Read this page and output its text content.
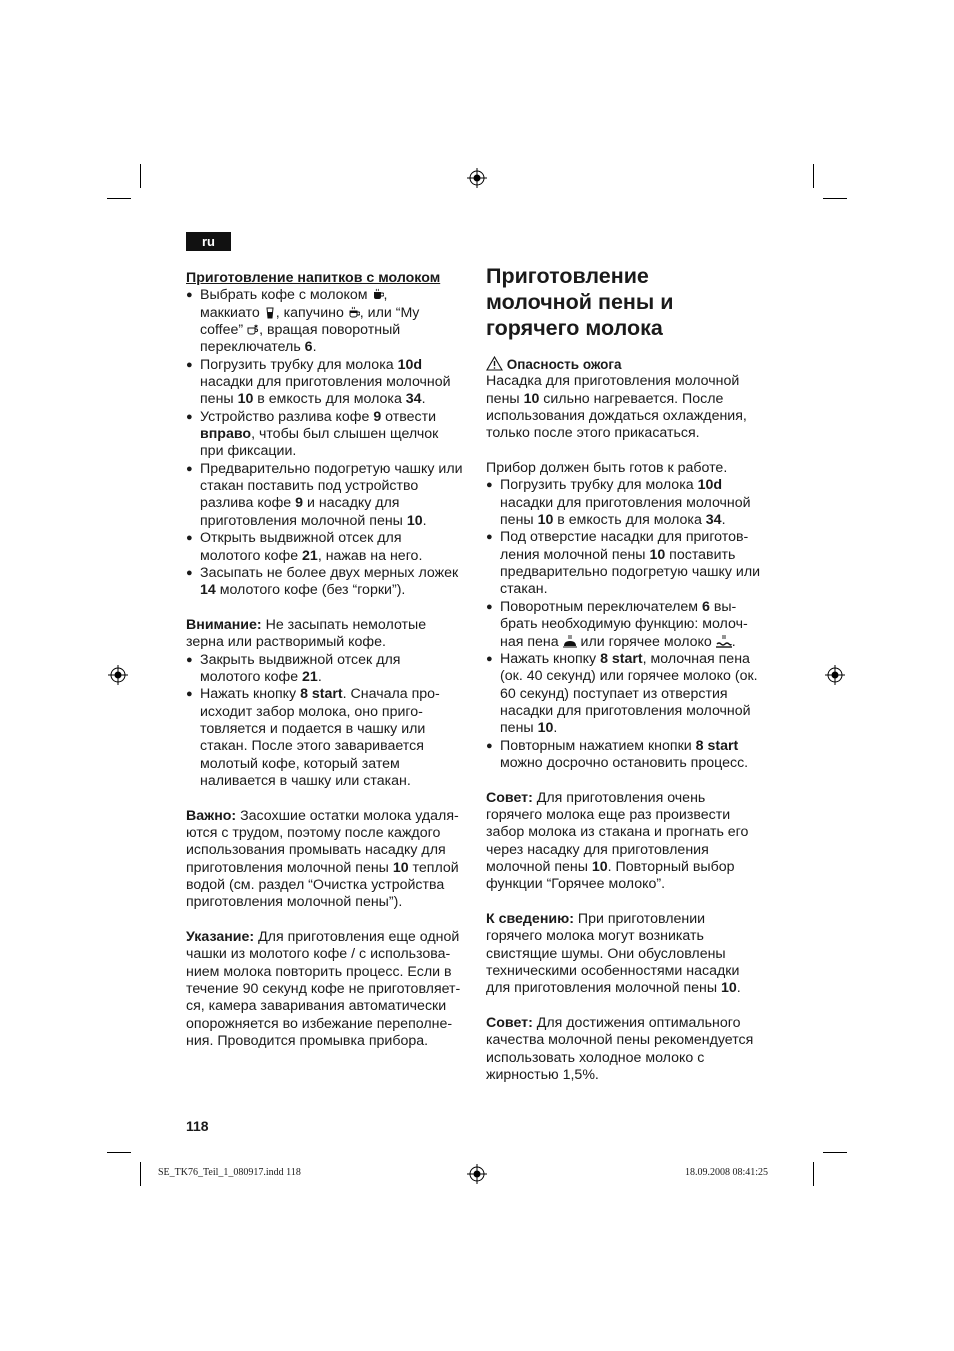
ru
Приготовление напитков с молоком
● Выбрать кофе с молоком ,
маккиато , капучино , или “My
coffee” , вращая поворотный
переключатель 6.
● Погрузить трубку для молока 10d
насадки для приготовления молочной
пены 10 в емкость для молока 34.
● Устройство разлива кофе 9 отвести
вправо, чтобы был слышен щелчок
при фиксации.
● Предварительно подогретую чашку или
стакан поставить под устройство
разлива кофе 9 и насадку для
приготовления молочной пены 10.
● Открыть выдвижной отсек для
молотого кофе 21, нажав на него.
● Засыпать не более двух мерных ложек
14 молотого кофе (без “горки”).

Внимание: Не засыпать немолотые
зерна или растворимый кофе.

● Закрыть выдвижной отсек для
молотого кофе 21.
● Нажать кнопку 8 start. Сначала про-
исходит забор молока, оно приго-
товляется и подается в чашку или
стакан. После этого заваривается
молотый кофе, который затем
наливается в чашку или стакан.

Важно: Засохшие остатки молока удаля-
ются с трудом, поэтому после каждого
использования промывать насадку для
приготовления молочной пены 10 теплой
водой (см. раздел “Очистка устройства
приготовления молочной пены”).

Указание: Для приготовления еще одной
чашки из молотого кофе / с использова-
нием молока повторить процесс. Если в
течение 90 секунд кофе не приготовляет-
ся, камера заваривания автоматически
опорожняется во избежание переполне-
ния. Проводится промывка прибора.

Приготовление
молочной пены и
горячего молока
Опасность ожога

Насадка для приготовления молочной
пены 10 сильно нагревается. После
использования дождаться охлаждения,
только после этого прикасаться.

Прибор должен быть готов к работе.

● Погрузить трубку для молока 10d
насадки для приготовления молочной
пены 10 в емкость для молока 34.
● Под отверстие насадки для приготов-
ления молочной пены 10 поставить
предварительно подогретую чашку или
стакан.
● Поворотным переключателем 6 вы-
брать необходимую функцию: молоч-
ная пена  или горячее молоко .
● Нажать кнопку 8 start, молочная пена
(ок. 40 секунд) или горячее молоко (ок.
60 секунд) поступает из отверстия
насадки для приготовления молочной
пены 10.
● Повторным нажатием кнопки 8 start
можно досрочно остановить процесс.

Совет: Для приготовления очень
горячего молока еще раз произвести
забор молока из стакана и прогнать его
через насадку для приготовления
молочной пены 10. Повторный выбор
функции “Горячее молоко”.

К сведению: При приготовлении
горячего молока могут возникать
свистящие шумы. Они обусловлены
техническими особенностями насадки
для приготовления молочной пены 10.

Совет: Для достижения оптимального
качества молочной пены рекомендуется
использовать холодное молоко с
жирностью 1,5%.

118
SE_TK76_Teil_1_080917.indd 118	18.09.2008 08:41:25
